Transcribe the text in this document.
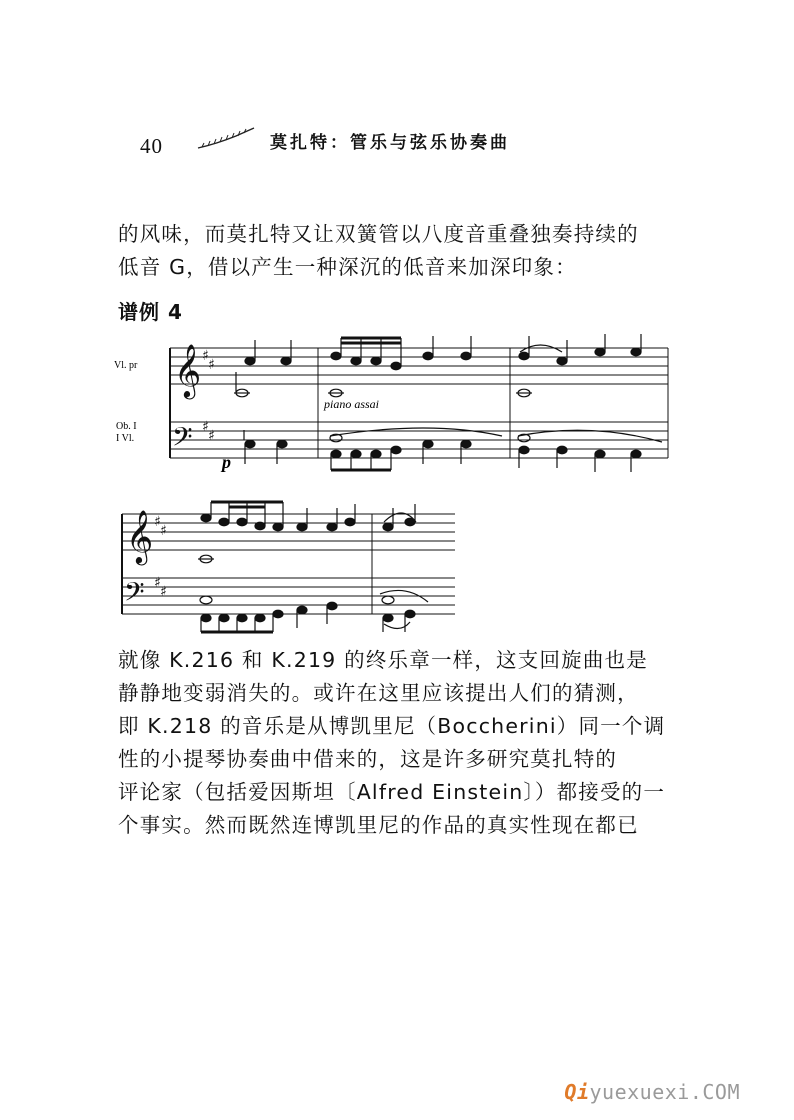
40	莫扎特：管乐与弦乐协奏曲

的风味，而莫扎特又让双簧管以八度音重叠独奏持续的

低音 G，借以产生一种深沉的低音来加深印象：

谱例 4
𝄞
𝄢
♯
♯
♯
♯
Vl. pr
Ob. I
I Vl.
piano assai
p
𝄞
𝄢
♯
♯
♯
♯

就像 K.216 和 K.219 的终乐章一样，这支回旋曲也是

静静地变弱消失的。或许在这里应该提出人们的猜测，

即 K.218 的音乐是从博凯里尼（Boccherini）同一个调

性的小提琴协奏曲中借来的，这是许多研究莫扎特的

评论家（包括爱因斯坦〔Alfred Einstein〕）都接受的一

个事实。然而既然连博凯里尼的作品的真实性现在都已

Qiyuexuexi.COM
